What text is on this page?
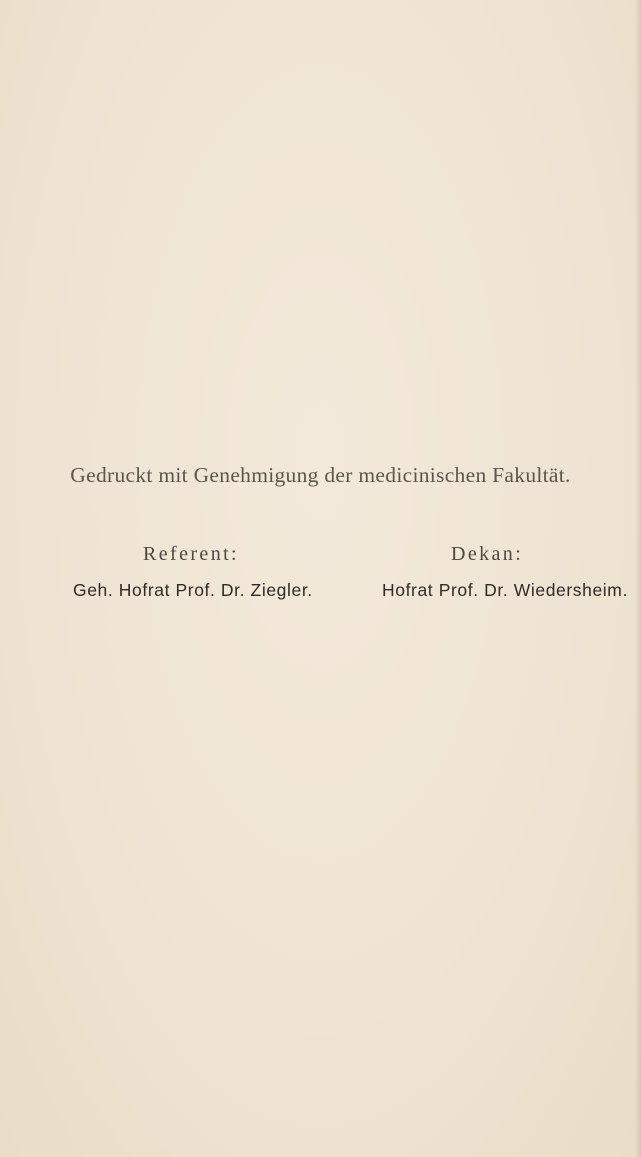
Gedruckt mit Genehmigung der medicinischen Fakultät.
Referent:	Dekan:
Geh. Hofrat Prof. Dr. Ziegler.	Hofrat Prof. Dr. Wiedersheim.
